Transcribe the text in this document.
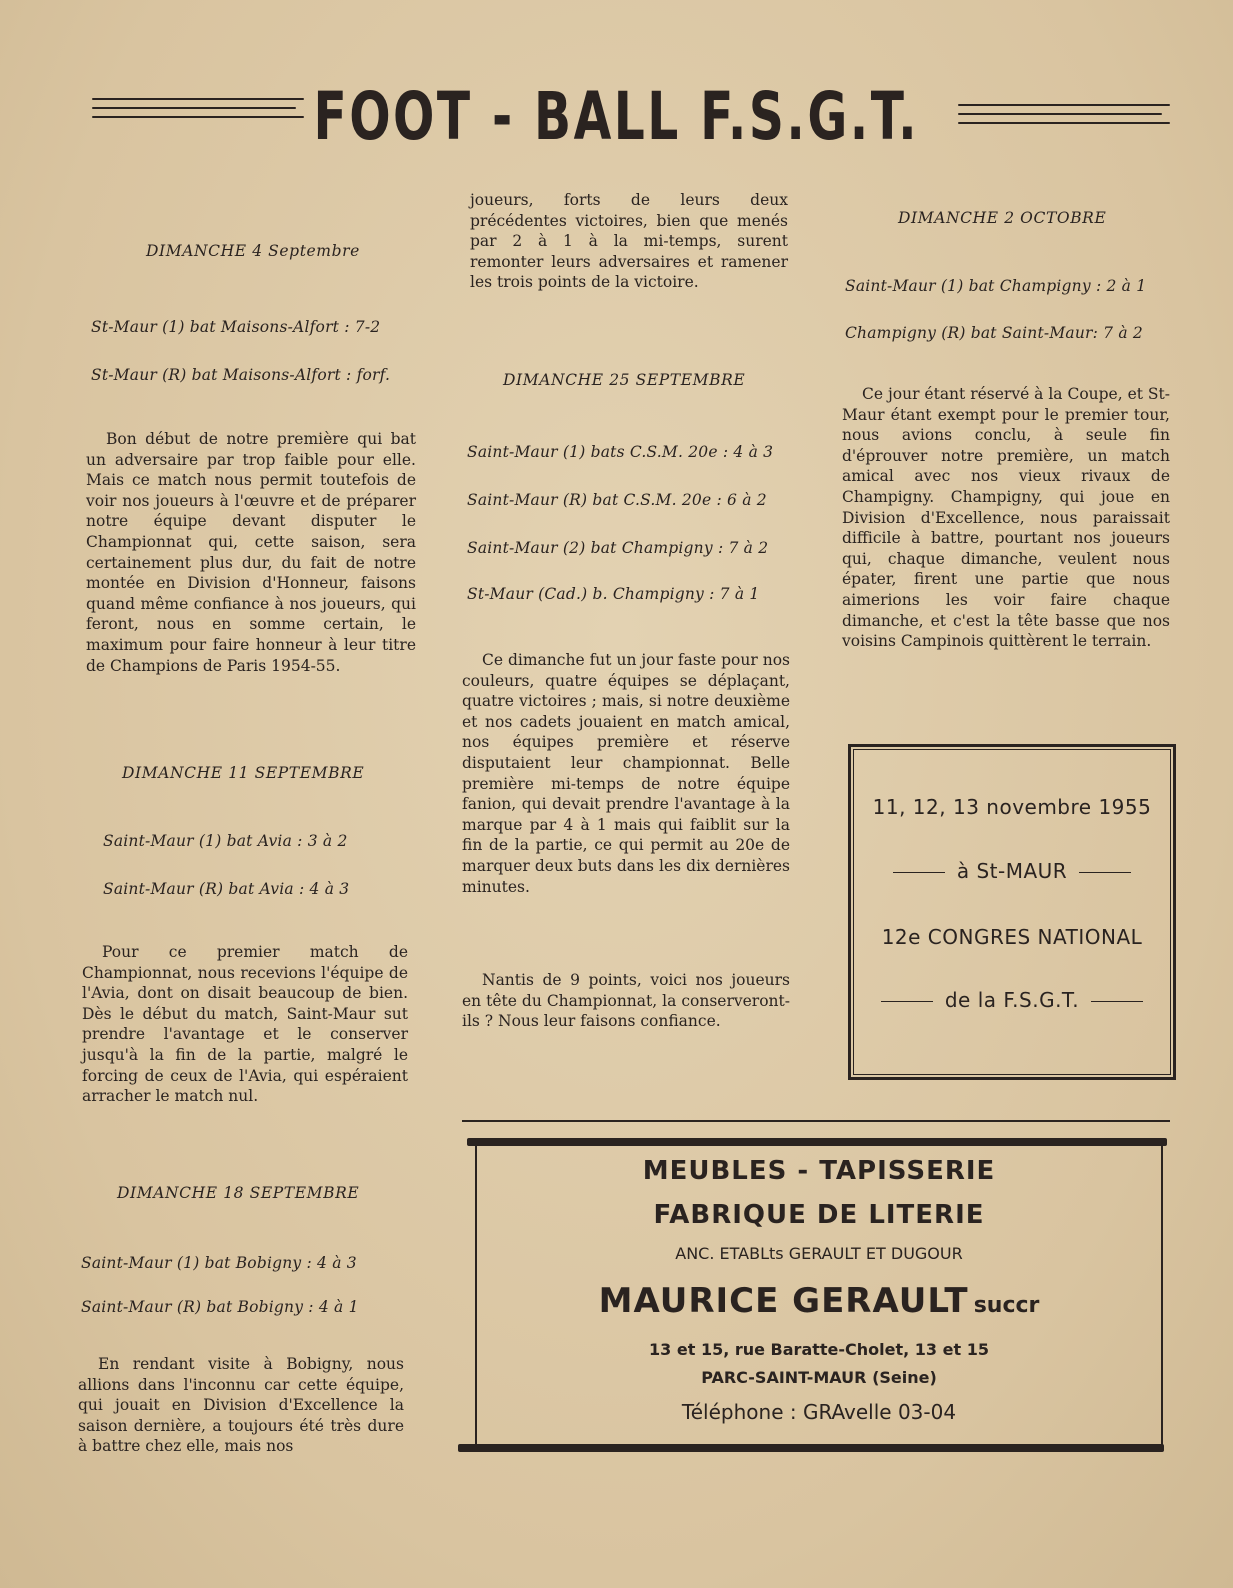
FOOT - BALL F.S.G.T.
DIMANCHE 4 Septembre
St-Maur (1) bat Maisons-Alfort : 7-2
St-Maur (R) bat Maisons-Alfort : forf.

Bon début de notre première qui bat un adversaire par trop faible pour elle. Mais ce match nous permit toutefois de voir nos joueurs à l'œuvre et de préparer notre équipe devant disputer le Championnat qui, cette saison, sera certainement plus dur, du fait de notre montée en Division d'Honneur, faisons quand même confiance à nos joueurs, qui feront, nous en somme certain, le maximum pour faire honneur à leur titre de Champions de Paris 1954-55.

DIMANCHE 11 SEPTEMBRE
Saint-Maur (1) bat Avia : 3 à 2
Saint-Maur (R) bat Avia : 4 à 3

Pour ce premier match de Championnat, nous recevions l'équipe de l'Avia, dont on disait beaucoup de bien. Dès le début du match, Saint-Maur sut prendre l'avantage et le conserver jusqu'à la fin de la partie, malgré le forcing de ceux de l'Avia, qui espéraient arracher le match nul.

DIMANCHE 18 SEPTEMBRE
Saint-Maur (1) bat Bobigny : 4 à 3
Saint-Maur (R) bat Bobigny : 4 à 1

En rendant visite à Bobigny, nous allions dans l'inconnu car cette équipe, qui jouait en Division d'Excellence la saison dernière, a toujours été très dure à battre chez elle, mais nos

joueurs, forts de leurs deux précédentes victoires, bien que menés par 2 à 1 à la mi-temps, surent remonter leurs adversaires et ramener les trois points de la victoire.

DIMANCHE 25 SEPTEMBRE
Saint-Maur (1) bats C.S.M. 20e : 4 à 3
Saint-Maur (R) bat C.S.M. 20e : 6 à 2
Saint-Maur (2) bat Champigny : 7 à 2
St-Maur (Cad.) b. Champigny : 7 à 1

Ce dimanche fut un jour faste pour nos couleurs, quatre équipes se déplaçant, quatre victoires ; mais, si notre deuxième et nos cadets jouaient en match amical, nos équipes première et réserve disputaient leur championnat. Belle première mi-temps de notre équipe fanion, qui devait prendre l'avantage à la marque par 4 à 1 mais qui faiblit sur la fin de la partie, ce qui permit au 20e de marquer deux buts dans les dix dernières minutes.

Nantis de 9 points, voici nos joueurs en tête du Championnat, la conserveront-ils ? Nous leur faisons confiance.

DIMANCHE 2 OCTOBRE
Saint-Maur (1) bat Champigny : 2 à 1
Champigny (R) bat Saint-Maur: 7 à 2

Ce jour étant réservé à la Coupe, et St-Maur étant exempt pour le premier tour, nous avions conclu, à seule fin d'éprouver notre première, un match amical avec nos vieux rivaux de Champigny. Champigny, qui joue en Division d'Excellence, nous paraissait difficile à battre, pourtant nos joueurs qui, chaque dimanche, veulent nous épater, firent une partie que nous aimerions les voir faire chaque dimanche, et c'est la tête basse que nos voisins Campinois quittèrent le terrain.

11, 12, 13 novembre 1955
à St-MAUR
12e CONGRES NATIONAL
de la F.S.G.T.
MEUBLES - TAPISSERIE
FABRIQUE DE LITERIE
ANC. ETABLts GERAULT ET DUGOUR
MAURICE GERAULT succr
13 et 15, rue Baratte-Cholet, 13 et 15
PARC-SAINT-MAUR (Seine)
Téléphone : GRAvelle 03-04
